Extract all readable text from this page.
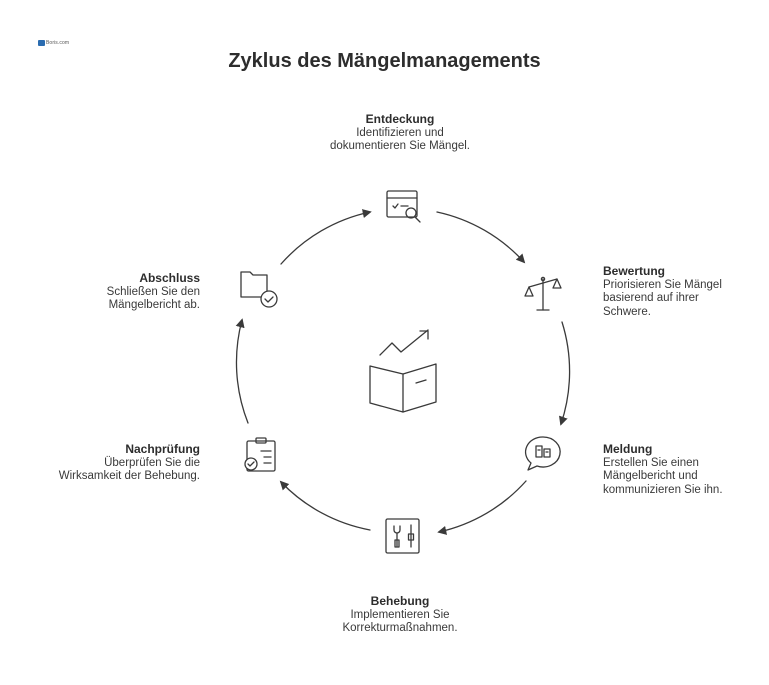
Boris.com
Zyklus des Mängelmanagements
Entdeckung
Identifizieren und
dokumentieren Sie Mängel.
Bewertung
Priorisieren Sie Mängel
basierend auf ihrer
Schwere.
Meldung
Erstellen Sie einen
Mängelbericht und
kommunizieren Sie ihn.
Behebung
Implementieren Sie
Korrekturmaßnahmen.
Nachprüfung
Überprüfen Sie die
Wirksamkeit der Behebung.
Abschluss
Schließen Sie den
Mängelbericht ab.
